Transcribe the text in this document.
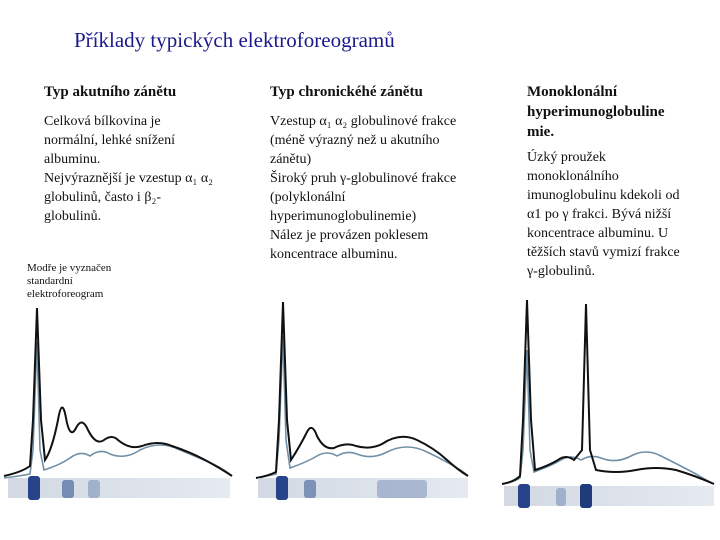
Příklady typických elektroforeogramů
Typ akutního zánětu

Celková bílkovina je

normální, lehké snížení

albuminu.

Nejvýraznější je vzestup α₁ α₂

globulinů, často i β₂-

globulinů.

Typ chronickéhé zánětu

Vzestup α₁ α₂ globulinové frakce

(méně výrazný než u akutního

zánětu)

Široký pruh γ-globulinové frakce

(polyklonální

hyperimunoglobulinemie)

Nález je provázen poklesem

koncentrace albuminu.

Monoklonální
hyperimunoglobuline
mie.

Úzký proužek

monoklonálního

imunoglobulinu kdekoli od

α1 po γ frakci. Bývá nižší

koncentrace albuminu. U

těžších stavů vymizí frakce

γ-globulinů.

Modře je vyznačen
standardní
elektroforeogram
